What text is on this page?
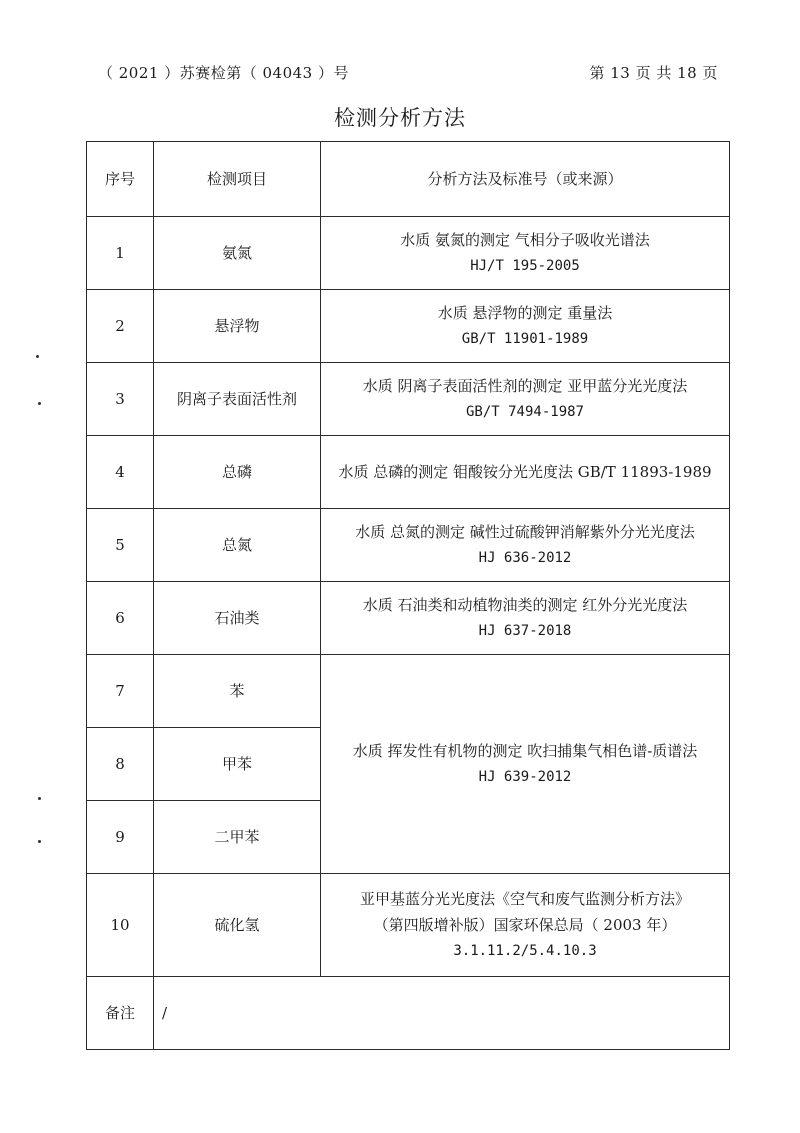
（ 2021 ）苏赛检第（ 04043 ）号	第 13 页 共 18 页
检测分析方法
序号	检测项目	分析方法及标准号（或来源）
1	氨氮	水质 氨氮的测定 气相分子吸收光谱法
HJ/T 195-2005

2	悬浮物	水质 悬浮物的测定 重量法
GB/T 11901-1989

3	阴离子表面活性剂	水质 阴离子表面活性剂的测定 亚甲蓝分光光度法
GB/T 7494-1987

4	总磷	水质 总磷的测定 钼酸铵分光光度法 GB/T 11893-1989

5	总氮	水质 总氮的测定 碱性过硫酸钾消解紫外分光光度法
HJ 636-2012

6	石油类	水质 石油类和动植物油类的测定 红外分光光度法
HJ 637-2018

7	苯	水质 挥发性有机物的测定 吹扫捕集气相色谱-质谱法
HJ 639-2012

8	甲苯	
9	二甲苯	
10	硫化氢	亚甲基蓝分光光度法《空气和废气监测分析方法》
（第四版增补版）国家环保总局（ 2003 年）
3.1.11.2/5.4.10.3

备注	/	
